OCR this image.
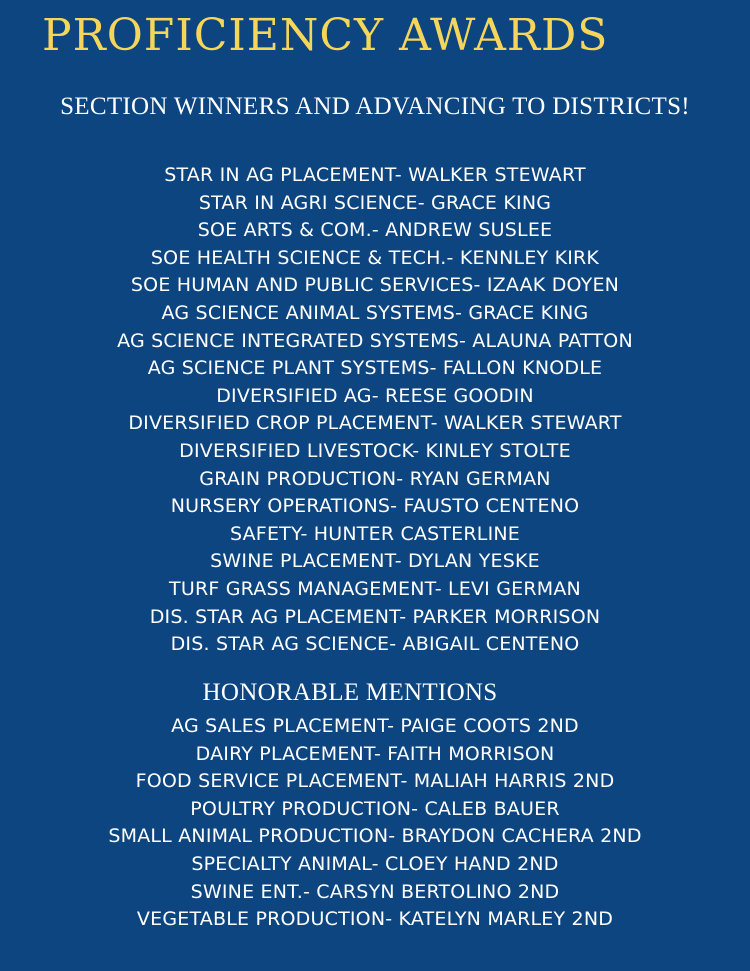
PROFICIENCY AWARDS
SECTION WINNERS AND ADVANCING TO DISTRICTS!
STAR IN AG PLACEMENT- WALKER STEWART
STAR IN AGRI SCIENCE- GRACE KING
SOE ARTS & COM.- ANDREW SUSLEE
SOE HEALTH SCIENCE & TECH.- KENNLEY KIRK
SOE HUMAN AND PUBLIC SERVICES- IZAAK DOYEN
AG SCIENCE ANIMAL SYSTEMS- GRACE KING
AG SCIENCE INTEGRATED SYSTEMS- ALAUNA PATTON
AG SCIENCE PLANT SYSTEMS- FALLON KNODLE
DIVERSIFIED AG- REESE GOODIN
DIVERSIFIED CROP PLACEMENT- WALKER STEWART
DIVERSIFIED LIVESTOCK- KINLEY STOLTE
GRAIN PRODUCTION- RYAN GERMAN
NURSERY OPERATIONS- FAUSTO CENTENO
SAFETY- HUNTER CASTERLINE
SWINE PLACEMENT- DYLAN YESKE
TURF GRASS MANAGEMENT- LEVI GERMAN
DIS. STAR AG PLACEMENT- PARKER MORRISON
DIS. STAR AG SCIENCE- ABIGAIL CENTENO
HONORABLE MENTIONS
AG SALES PLACEMENT- PAIGE COOTS 2ND
DAIRY PLACEMENT- FAITH MORRISON
FOOD SERVICE PLACEMENT- MALIAH HARRIS 2ND
POULTRY PRODUCTION- CALEB BAUER
SMALL ANIMAL PRODUCTION- BRAYDON CACHERA 2ND
SPECIALTY ANIMAL- CLOEY HAND 2ND
SWINE ENT.- CARSYN BERTOLINO 2ND
VEGETABLE PRODUCTION- KATELYN MARLEY 2ND
